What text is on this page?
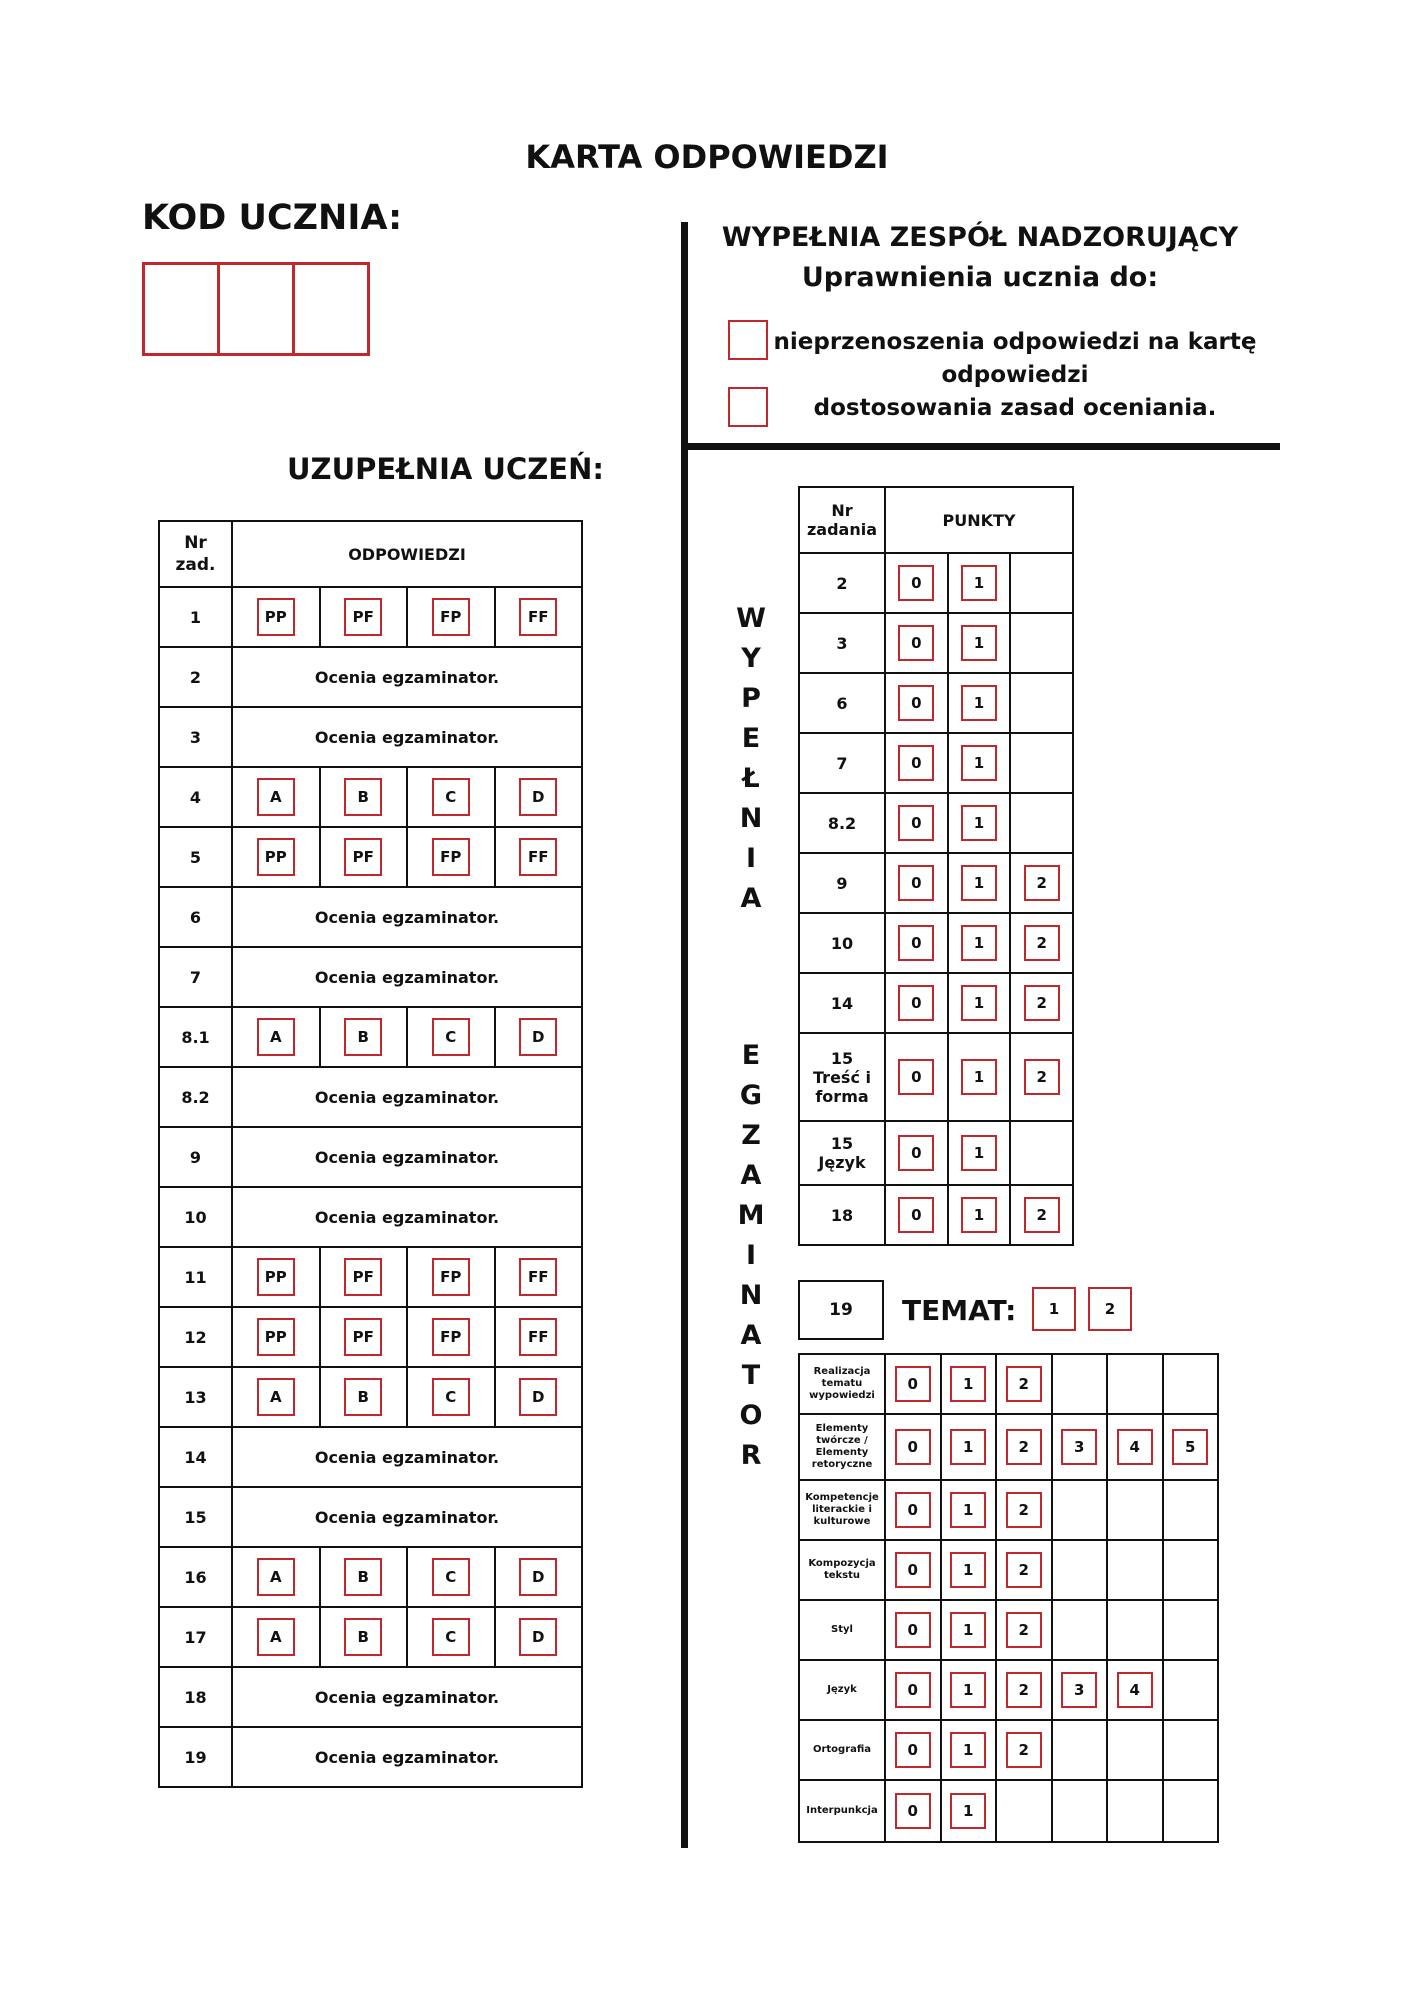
KARTA ODPOWIEDZI
KOD UCZNIA:	WYPEŁNIA ZESPÓŁ NADZORUJĄCY
Uprawnienia ucznia do:
nieprzenoszenia odpowiedzi na kartę
odpowiedzi
dostosowania zasad oceniania.
UZUPEŁNIA UCZEŃ:
Nr
zad.	ODPOWIEDZI			
1	PP	PF	FP	FF
2	Ocenia egzaminator.			
3	Ocenia egzaminator.			
4	A	B	C	D
5	PP	PF	FP	FF
6	Ocenia egzaminator.			
7	Ocenia egzaminator.			
8.1	A	B	C	D
8.2	Ocenia egzaminator.			
9	Ocenia egzaminator.			
10	Ocenia egzaminator.			
11	PP	PF	FP	FF
12	PP	PF	FP	FF
13	A	B	C	D
14	Ocenia egzaminator.			
15	Ocenia egzaminator.			
16	A	B	C	D
17	A	B	C	D
18	Ocenia egzaminator.			
19	Ocenia egzaminator.			
W
Y
P
E
Ł
N
I
A
E
G
Z
A
M
I
N
A
T
O
R
Nr
zadania	PUNKTY		

2	0	1	

3	0	1	

6	0	1	

7	0	1	

8.2	0	1	

9	0	1	2

10	0	1	2

14	0	1	2

15
Treść i
forma	0	1	2

15
Język	0	1	

18	0	1	2
19	TEMAT:	1	2
Realizacja
tematu
wypowiedzi	0	1	2			

Elementy
twórcze /
Elementy
retoryczne	0	1	2	3	4	5

Kompetencje
literackie i
kulturowe	0	1	2			

Kompozycja
tekstu	0	1	2			

Styl	0	1	2			

Język	0	1	2	3	4	

Ortografia	0	1	2			

Interpunkcja	0	1				
